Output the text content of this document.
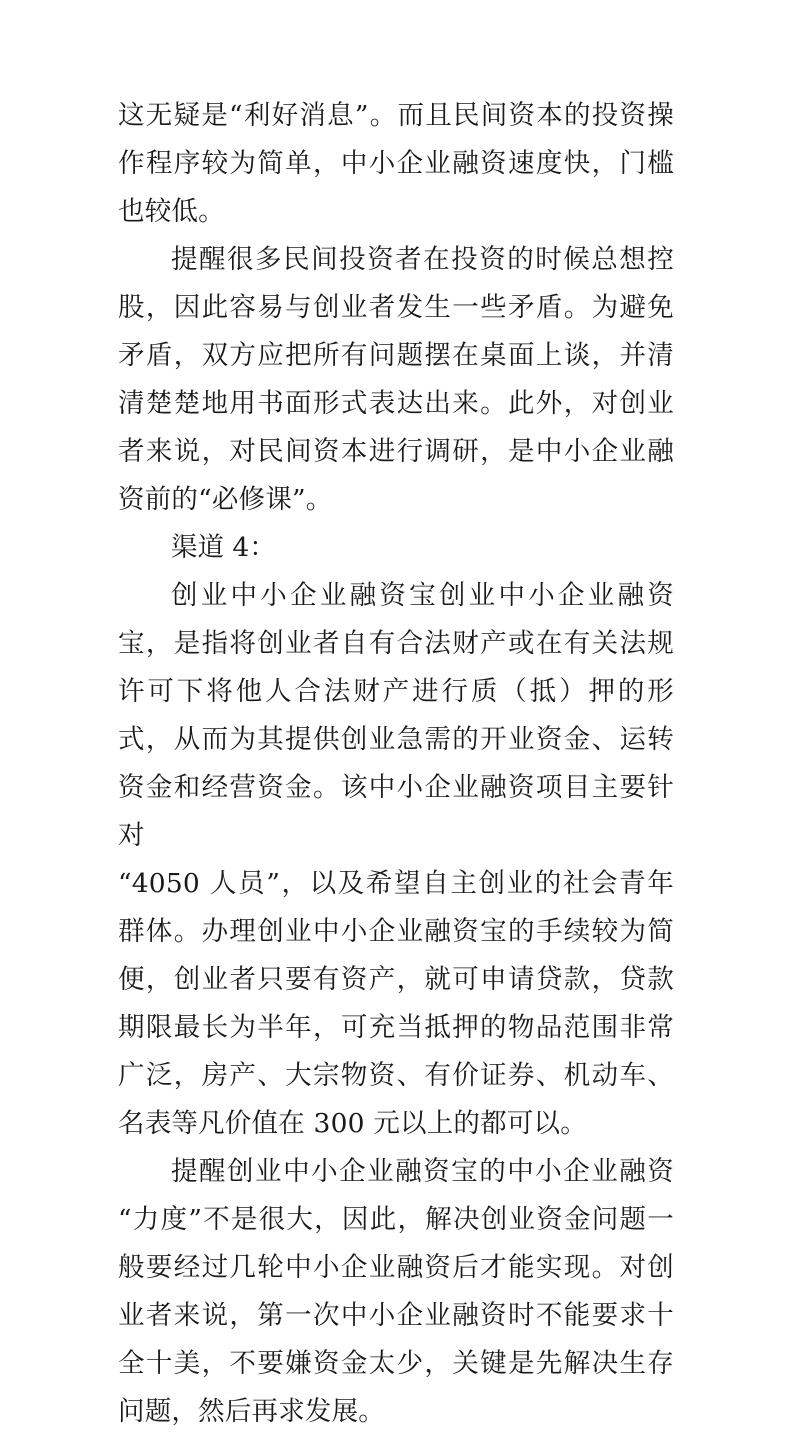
这无疑是“利好消息”。而且民间资本的投资操作程序较为简单，中小企业融资速度快，门槛也较低。

提醒很多民间投资者在投资的时候总想控股，因此容易与创业者发生一些矛盾。为避免矛盾，双方应把所有问题摆在桌面上谈，并清清楚楚地用书面形式表达出来。此外，对创业者来说，对民间资本进行调研，是中小企业融资前的“必修课”。

渠道 4：

创业中小企业融资宝创业中小企业融资宝，是指将创业者自有合法财产或在有关法规许可下将他人合法财产进行质（抵）押的形式，从而为其提供创业急需的开业资金、运转资金和经营资金。该中小企业融资项目主要针对

“4050 人员”，以及希望自主创业的社会青年群体。办理创业中小企业融资宝的手续较为简便，创业者只要有资产，就可申请贷款，贷款期限最长为半年，可充当抵押的物品范围非常广泛，房产、大宗物资、有价证券、机动车、名表等凡价值在 300 元以上的都可以。

提醒创业中小企业融资宝的中小企业融资“力度”不是很大，因此，解决创业资金问题一般要经过几轮中小企业融资后才能实现。对创业者来说，第一次中小企业融资时不能要求十全十美，不要嫌资金太少，关键是先解决生存问题，然后再求发展。
